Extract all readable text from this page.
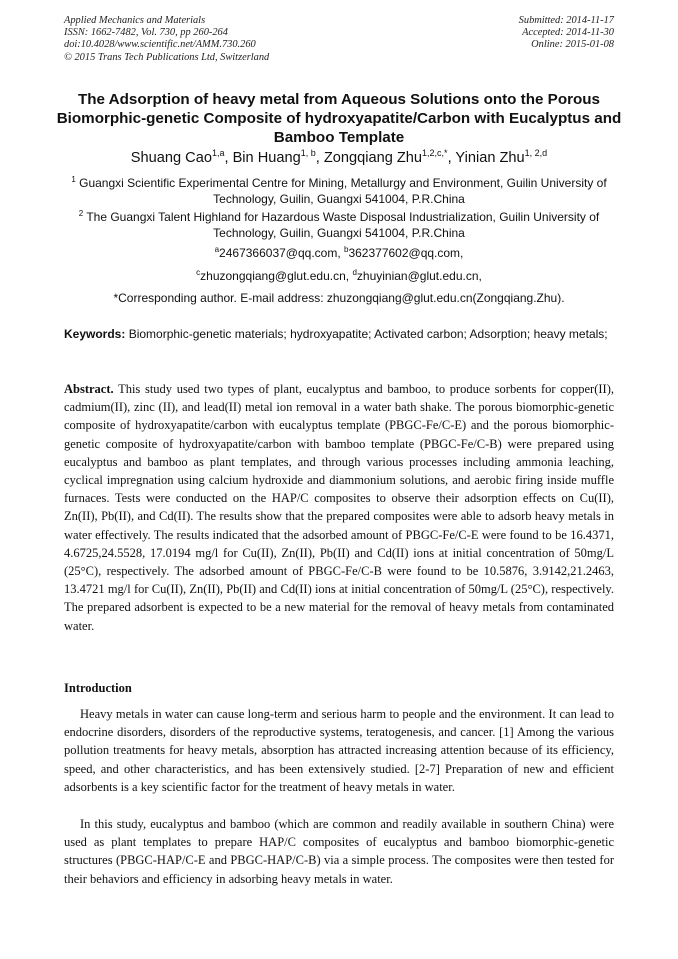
Applied Mechanics and Materials
ISSN: 1662-7482, Vol. 730, pp 260-264
doi:10.4028/www.scientific.net/AMM.730.260
© 2015 Trans Tech Publications Ltd, Switzerland
Submitted: 2014-11-17
Accepted: 2014-11-30
Online: 2015-01-08
The Adsorption of heavy metal from Aqueous Solutions onto the Porous Biomorphic-genetic Composite of hydroxyapatite/Carbon with Eucalyptus and Bamboo Template
Shuang Cao$^{1,a}$, Bin Huang$^{1, b}$, Zongqiang Zhu$^{1,2,c,*}$, Yinian Zhu$^{1, 2,d}$
$^1$ Guangxi Scientific Experimental Centre for Mining, Metallurgy and Environment, Guilin University of Technology, Guilin, Guangxi 541004, P.R.China
$^2$ The Guangxi Talent Highland for Hazardous Waste Disposal Industrialization, Guilin University of Technology, Guilin, Guangxi 541004, P.R.China
$^a$2467366037@qq.com, $^b$362377602@qq.com,
$^c$zhuzongqiang@glut.edu.cn, $^d$zhuyinian@glut.edu.cn,
*Corresponding author. E-mail address: zhuzongqiang@glut.edu.cn(Zongqiang.Zhu).
Keywords: Biomorphic-genetic materials; hydroxyapatite; Activated carbon; Adsorption; heavy metals;
Abstract. This study used two types of plant, eucalyptus and bamboo, to produce sorbents for copper(II), cadmium(II), zinc (II), and lead(II) metal ion removal in a water bath shake. The porous biomorphic-genetic composite of hydroxyapatite/carbon with eucalyptus template (PBGC-Fe/C-E) and the porous biomorphic-genetic composite of hydroxyapatite/carbon with bamboo template (PBGC-Fe/C-B) were prepared using eucalyptus and bamboo as plant templates, and through various processes including ammonia leaching, cyclical impregnation using calcium hydroxide and diammonium solutions, and aerobic firing inside muffle furnaces. Tests were conducted on the HAP/C composites to observe their adsorption effects on Cu(II), Zn(II), Pb(II), and Cd(II). The results show that the prepared composites were able to adsorb heavy metals in water effectively. The results indicated that the adsorbed amount of PBGC-Fe/C-E were found to be 16.4371, 4.6725,24.5528, 17.0194 mg/l for Cu(II), Zn(II), Pb(II) and Cd(II) ions at initial concentration of 50mg/L (25°C), respectively. The adsorbed amount of PBGC-Fe/C-B were found to be 10.5876, 3.9142,21.2463, 13.4721 mg/l for Cu(II), Zn(II), Pb(II) and Cd(II) ions at initial concentration of 50mg/L (25°C), respectively. The prepared adsorbent is expected to be a new material for the removal of heavy metals from contaminated water.
Introduction
Heavy metals in water can cause long-term and serious harm to people and the environment. It can lead to endocrine disorders, disorders of the reproductive systems, teratogenesis, and cancer. [1] Among the various pollution treatments for heavy metals, absorption has attracted increasing attention because of its efficiency, speed, and other characteristics, and has been extensively studied. [2-7] Preparation of new and efficient adsorbents is a key scientific factor for the treatment of heavy metals in water.
In this study, eucalyptus and bamboo (which are common and readily available in southern China) were used as plant templates to prepare HAP/C composites of eucalyptus and bamboo biomorphic-genetic structures (PBGC-HAP/C-E and PBGC-HAP/C-B) via a simple process. The composites were then tested for their behaviors and efficiency in adsorbing heavy metals in water.
